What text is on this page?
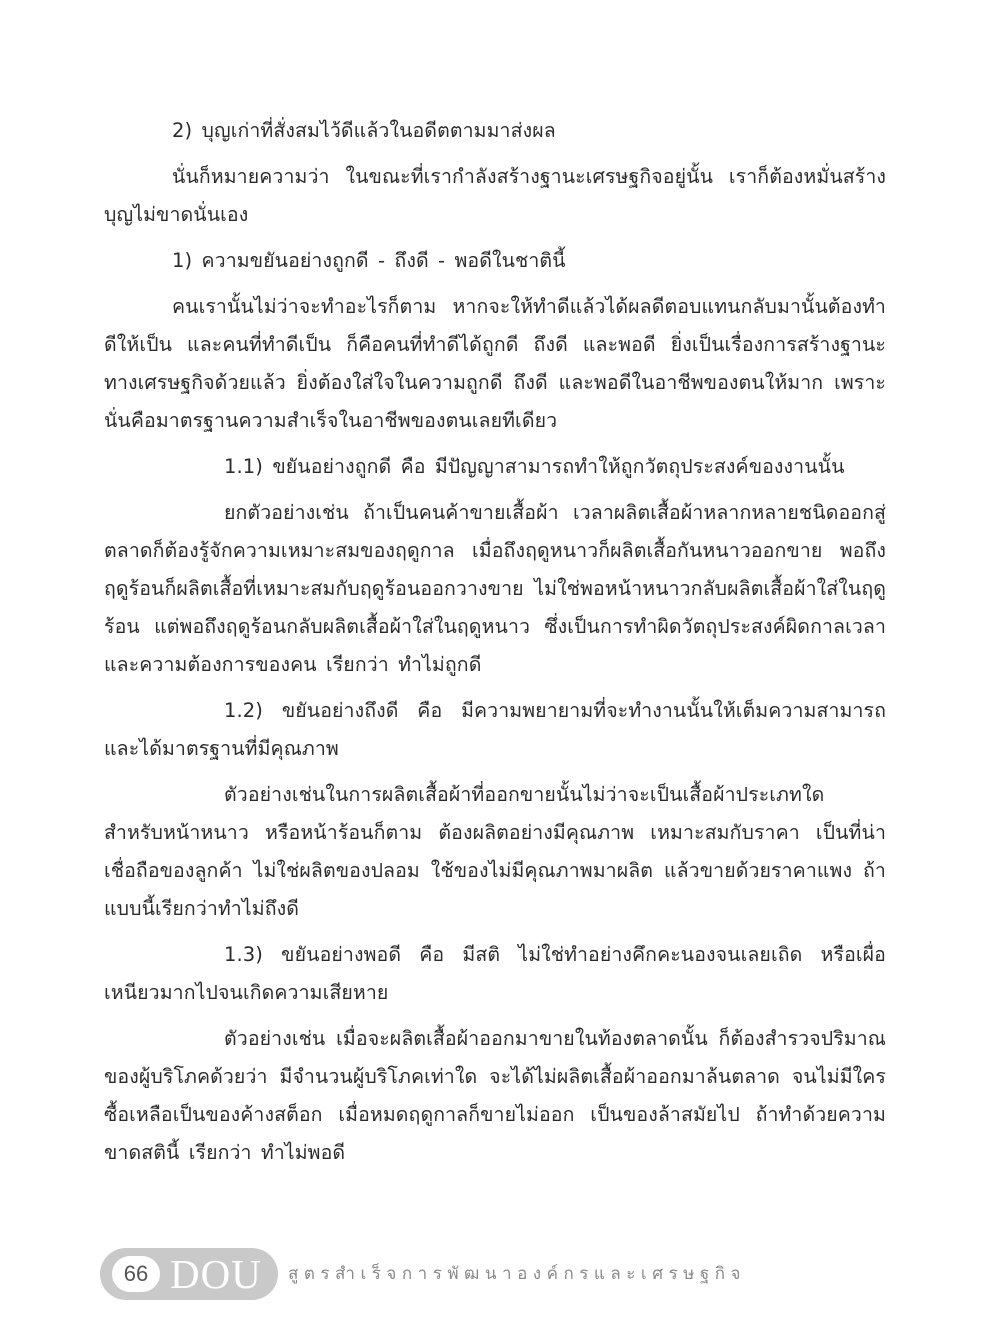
2) บุญเก่าที่สั่งสมไว้ดีแล้วในอดีตตามมาส่งผล

นั่นก็หมายความว่า ในขณะที่เรากำลังสร้างฐานะเศรษฐกิจอยู่นั้น เราก็ต้องหมั่นสร้างบุญไม่ขาดนั่นเอง

1) ความขยันอย่างถูกดี - ถึงดี - พอดีในชาตินี้

คนเรานั้นไม่ว่าจะทำอะไรก็ตาม หากจะให้ทำดีแล้วได้ผลดีตอบแทนกลับมานั้นต้องทำดีให้เป็น และคนที่ทำดีเป็น ก็คือคนที่ทำดีได้ถูกดี ถึงดี และพอดี ยิ่งเป็นเรื่องการสร้างฐานะทางเศรษฐกิจด้วยแล้ว ยิ่งต้องใส่ใจในความถูกดี ถึงดี และพอดีในอาชีพของตนให้มาก เพราะนั่นคือมาตรฐานความสำเร็จในอาชีพของตนเลยทีเดียว

1.1) ขยันอย่างถูกดี คือ มีปัญญาสามารถทำให้ถูกวัตถุประสงค์ของงานนั้น

ยกตัวอย่างเช่น ถ้าเป็นคนค้าขายเสื้อผ้า เวลาผลิตเสื้อผ้าหลากหลายชนิดออกสู่ตลาดก็ต้องรู้จักความเหมาะสมของฤดูกาล เมื่อถึงฤดูหนาวก็ผลิตเสื้อกันหนาวออกขาย พอถึงฤดูร้อนก็ผลิตเสื้อที่เหมาะสมกับฤดูร้อนออกวางขาย ไม่ใช่พอหน้าหนาวกลับผลิตเสื้อผ้าใส่ในฤดูร้อน แต่พอถึงฤดูร้อนกลับผลิตเสื้อผ้าใส่ในฤดูหนาว ซึ่งเป็นการทำผิดวัตถุประสงค์ผิดกาลเวลา และความต้องการของคน เรียกว่า ทำไม่ถูกดี

1.2) ขยันอย่างถึงดี คือ มีความพยายามที่จะทำงานนั้นให้เต็มความสามารถและได้มาตรฐานที่มีคุณภาพ

ตัวอย่างเช่นในการผลิตเสื้อผ้าที่ออกขายนั้นไม่ว่าจะเป็นเสื้อผ้าประเภทใด สำหรับหน้าหนาว หรือหน้าร้อนก็ตาม ต้องผลิตอย่างมีคุณภาพ เหมาะสมกับราคา เป็นที่น่าเชื่อถือของลูกค้า ไม่ใช่ผลิตของปลอม ใช้ของไม่มีคุณภาพมาผลิต แล้วขายด้วยราคาแพง ถ้าแบบนี้เรียกว่าทำไม่ถึงดี

1.3) ขยันอย่างพอดี คือ มีสติ ไม่ใช่ทำอย่างคึกคะนองจนเลยเถิด หรือเผื่อเหนียวมากไปจนเกิดความเสียหาย

ตัวอย่างเช่น เมื่อจะผลิตเสื้อผ้าออกมาขายในท้องตลาดนั้น ก็ต้องสำรวจปริมาณของผู้บริโภคด้วยว่า มีจำนวนผู้บริโภคเท่าใด จะได้ไม่ผลิตเสื้อผ้าออกมาล้นตลาด จนไม่มีใครซื้อเหลือเป็นของค้างสต็อก เมื่อหมดฤดูกาลก็ขายไม่ออก เป็นของล้าสมัยไป ถ้าทำด้วยความขาดสตินี้ เรียกว่า ทำไม่พอดี

66 DOU สูตรสำเร็จการพัฒนาองค์กรและเศรษฐกิจ
